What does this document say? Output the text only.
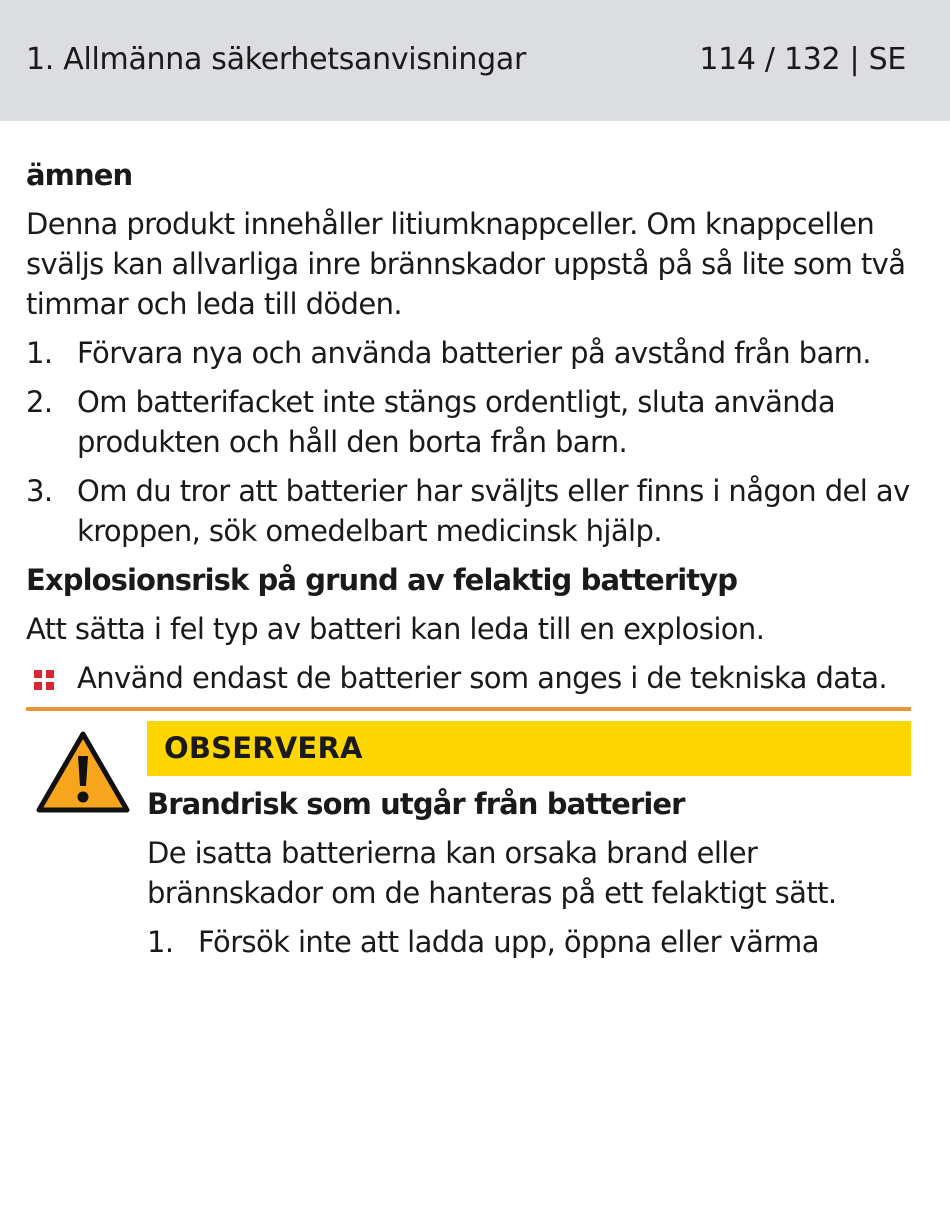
1. Allmänna säkerhetsanvisningar	114 / 132 | SE

ämnen

Denna produkt innehåller litiumknappceller. Om knappcellen sväljs kan allvarliga inre brännskador uppstå på så lite som två timmar och leda till döden.

1. Förvara nya och använda batterier på avstånd från barn.
2. Om batterifacket inte stängs ordentligt, sluta använda produkten och håll den borta från barn.
3. Om du tror att batterier har sväljts eller finns i någon del av kroppen, sök omedelbart medicinsk hjälp.

Explosionsrisk på grund av felaktig batterityp

Att sätta i fel typ av batteri kan leda till en explosion.

Använd endast de batterier som anges i de tekniska data.
OBSERVERA

Brandrisk som utgår från batterier

De isatta batterierna kan orsaka brand eller brännskador om de hanteras på ett felaktigt sätt.

1. Försök inte att ladda upp, öppna eller värma
